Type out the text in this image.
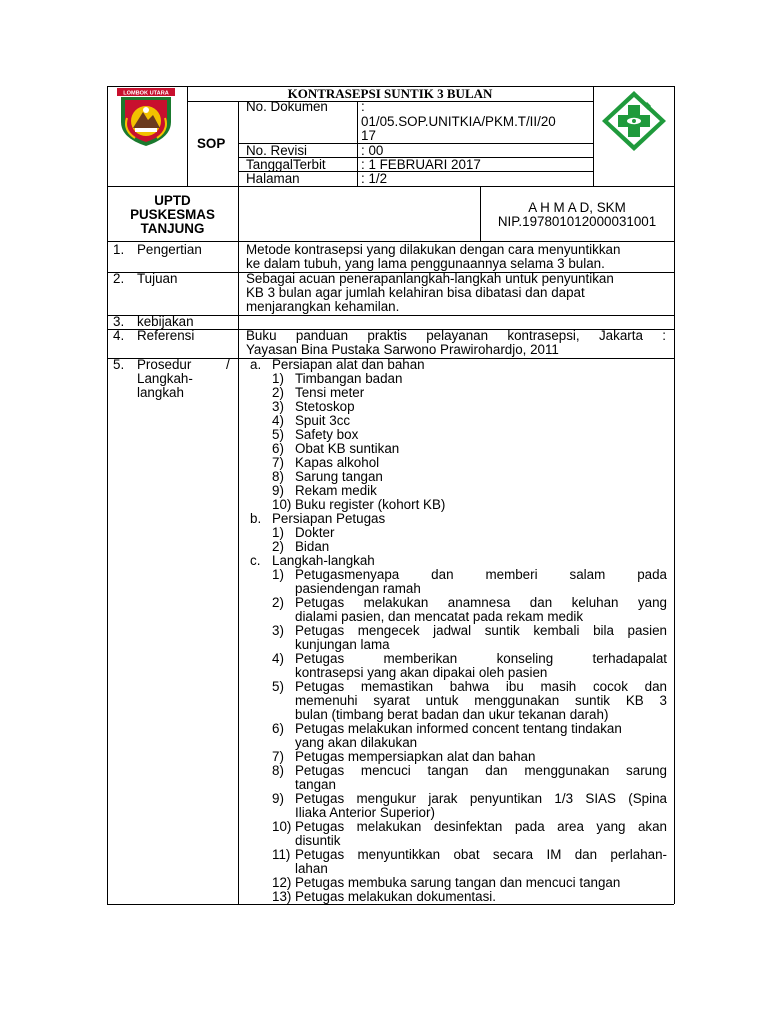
LOMBOK UTARA	KONTRASEPSI SUNTIK 3 BULAN
SOP
No. Dokumen :
01/05.SOP.UNITKIA/PKM.T/II/20
17
No. Revisi	: 00
TanggalTerbit	: 1 FEBRUARI 2017
Halaman	: 1/2
UPTD
PUSKESMAS
TANJUNG
A H M A D, SKM
NIP.197801012000031001
1. Pengertian	Metode kontrasepsi yang dilakukan dengan cara menyuntikkan
ke dalam tubuh, yang lama penggunaannya selama 3 bulan.
2. Tujuan	Sebagai acuan penerapanlangkah-langkah untuk penyuntikan
KB 3 bulan agar jumlah kelahiran bisa dibatasi dan dapat
menjarangkan kehamilan.
3. kebijakan
4. Referensi	Buku panduan praktis pelayanan kontrasepsi, Jakarta :
Yayasan Bina Pustaka Sarwono Prawirohardjo, 2011
5. Prosedur	/
Langkah-
langkah
a. Persiapan alat dan bahan
1) Timbangan badan
2) Tensi meter
3) Stetoskop
4) Spuit 3cc
5) Safety box
6) Obat KB suntikan
7) Kapas alkohol
8) Sarung tangan
9) Rekam medik
10) Buku register (kohort KB)
b. Persiapan Petugas
1) Dokter
2) Bidan
c. Langkah-langkah
1) Petugasmenyapa dan memberi salam pada
pasiendengan ramah
2) Petugas melakukan anamnesa dan keluhan yang
dialami pasien, dan mencatat pada rekam medik
3) Petugas mengecek jadwal suntik kembali bila pasien
kunjungan lama
4) Petugas memberikan konseling terhadapalat
kontrasepsi yang akan dipakai oleh pasien
5) Petugas memastikan bahwa ibu masih cocok dan
memenuhi syarat untuk menggunakan suntik KB 3
bulan (timbang berat badan dan ukur tekanan darah)
6) Petugas melakukan informed concent tentang tindakan
yang akan dilakukan
7) Petugas mempersiapkan alat dan bahan
8) Petugas mencuci tangan dan menggunakan sarung
tangan
9) Petugas mengukur jarak penyuntikan 1/3 SIAS (Spina
Iliaka Anterior Superior)
10) Petugas melakukan desinfektan pada area yang akan
disuntik
11) Petugas menyuntikkan obat secara IM dan perlahan-
lahan
12) Petugas membuka sarung tangan dan mencuci tangan
13) Petugas melakukan dokumentasi.
